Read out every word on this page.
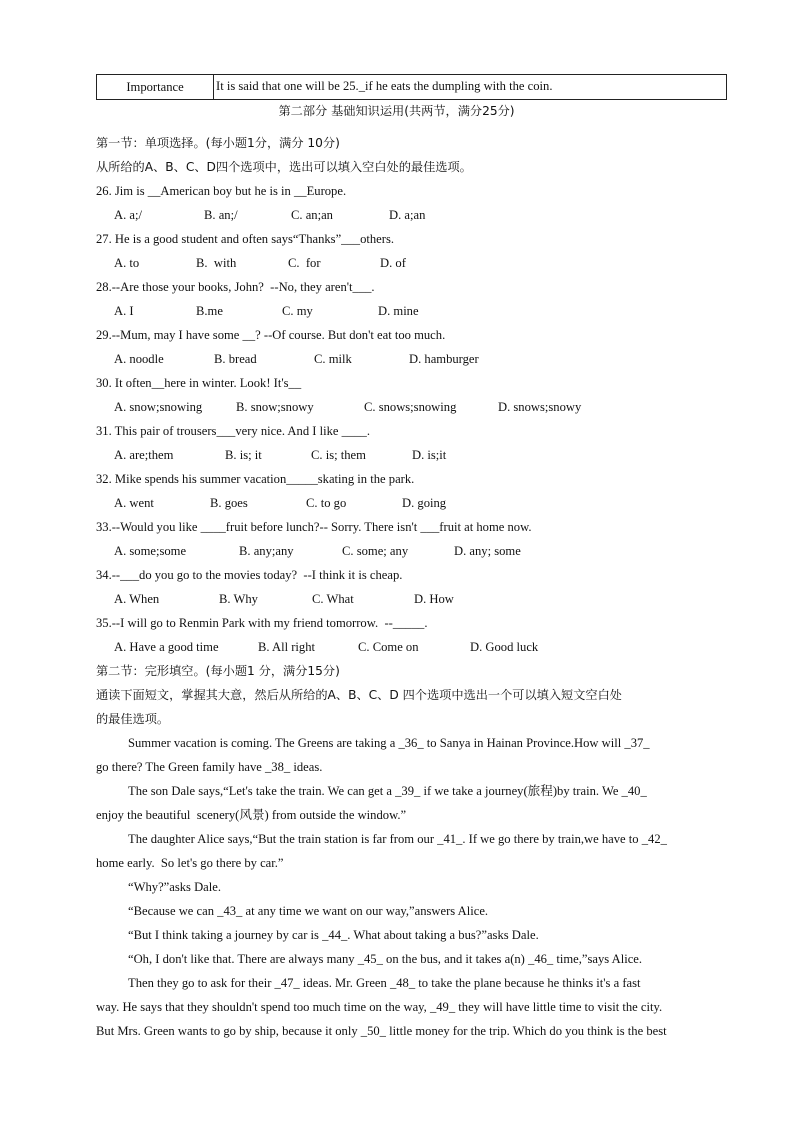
Importance	It is said that one will be 25._if he eats the dumpling with the coin.
第二部分 基础知识运用(共两节，满分25分)
第一节：单项选择。(每小题1分，满分 10分)
从所给的A、B、C、D四个选项中，选出可以填入空白处的最佳选项。
26. Jim is __American boy but he is in __Europe.
A. a;/	B. an;/	C. an;an	D. a;an
27. He is a good student and often says“Thanks”___others.
A. to	B.  with	C.  for	D. of
28.--Are those your books, John?  --No, they aren't___.
A. I	B.me	C. my	D. mine
29.--Mum, may I have some __? --Of course. But don't eat too much.
A. noodle	B. bread	C. milk	D. hamburger
30. It often__here in winter. Look! It's__
A. snow;snowing	B. snow;snowy	C. snows;snowing	D. snows;snowy
31. This pair of trousers___very nice. And I like ____.
A. are;them	B. is; it	C. is; them	D. is;it
32. Mike spends his summer vacation_____skating in the park.
A. went	B. goes	C. to go	D. going
33.--Would you like ____fruit before lunch?-- Sorry. There isn't ___fruit at home now.
A. some;some	B. any;any	C. some; any	D. any; some
34.--___do you go to the movies today?  --I think it is cheap.
A. When	B. Why	C. What	D. How
35.--I will go to Renmin Park with my friend tomorrow.  --_____.
A. Have a good time	B. All right	C. Come on	D. Good luck
第二节：完形填空。(每小题1 分，满分15分)
通读下面短文，掌握其大意，然后从所给的A、B、C、D 四个选项中选出一个可以填入短文空白处
的最佳选项。
Summer vacation is coming. The Greens are taking a _36_ to Sanya in Hainan Province.How will _37_
go there? The Green family have _38_ ideas.
The son Dale says,“Let's take the train. We can get a _39_ if we take a journey(旅程)by train. We _40_
enjoy the beautiful  scenery(风景) from outside the window.”
The daughter Alice says,“But the train station is far from our _41_. If we go there by train,we have to _42_
home early.  So let's go there by car.”
“Why?”asks Dale.
“Because we can _43_ at any time we want on our way,”answers Alice.
“But I think taking a journey by car is _44_. What about taking a bus?”asks Dale.
“Oh, I don't like that. There are always many _45_ on the bus, and it takes a(n) _46_ time,”says Alice.
Then they go to ask for their _47_ ideas. Mr. Green _48_ to take the plane because he thinks it's a fast
way. He says that they shouldn't spend too much time on the way, _49_ they will have little time to visit the city.
But Mrs. Green wants to go by ship, because it only _50_ little money for the trip. Which do you think is the best
